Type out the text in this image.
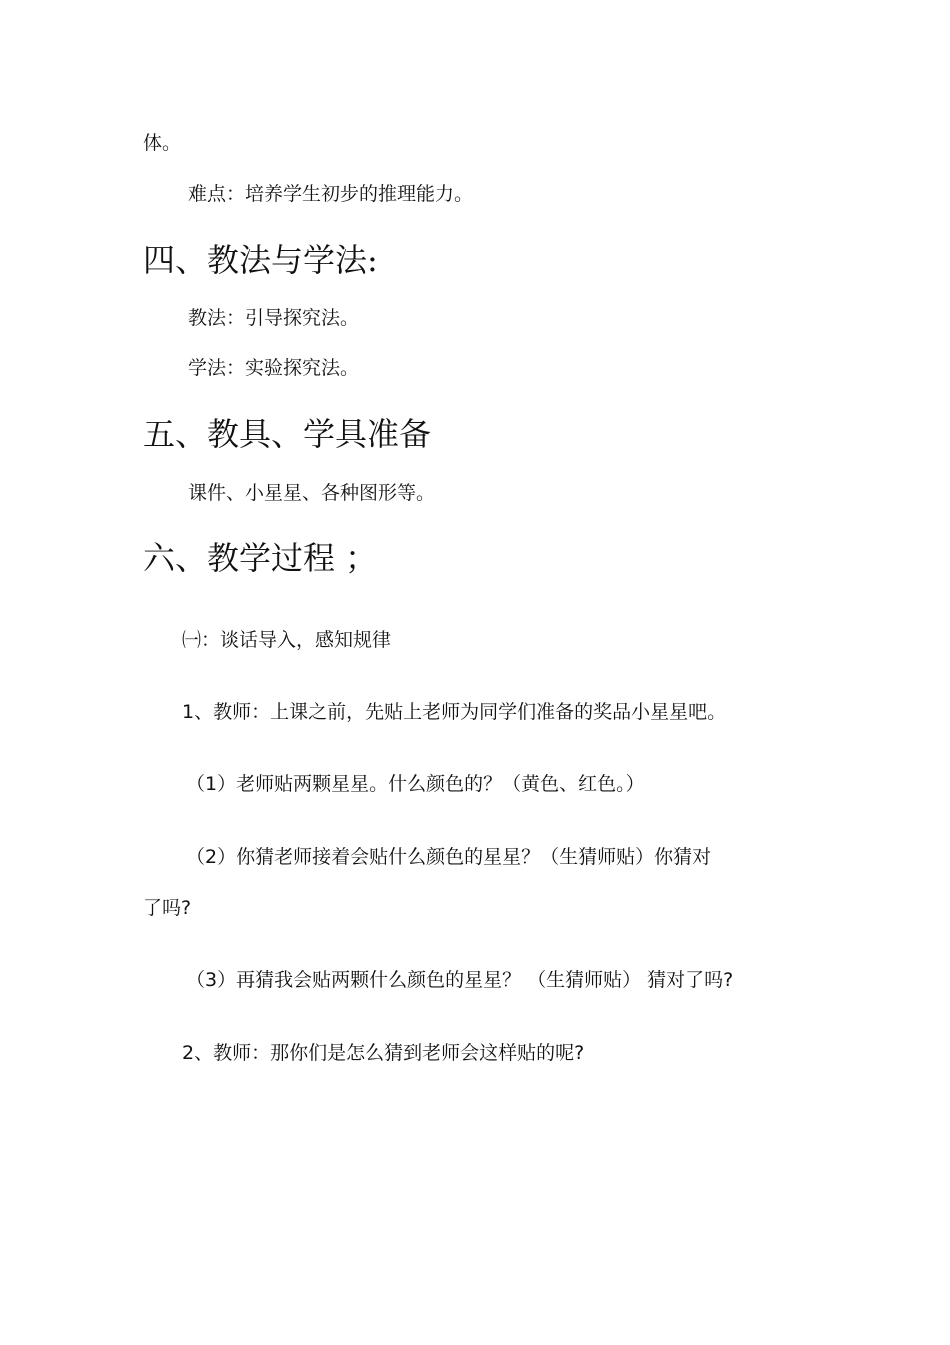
体。
难点：培养学生初步的推理能力。
四、教法与学法:
教法：引导探究法。
学法：实验探究法。
五、教具、学具准备
课件、小星星、各种图形等。
六、教学过程 ；
㈠：谈话导入，感知规律
1、教师：上课之前，先贴上老师为同学们准备的奖品小星星吧。
（1）老师贴两颗星星。什么颜色的？（黄色、红色。）
（2）你猜老师接着会贴什么颜色的星星？（生猜师贴）你猜对
了吗?
（3）再猜我会贴两颗什么颜色的星星？ （生猜师贴） 猜对了吗?
2、教师：那你们是怎么猜到老师会这样贴的呢?
